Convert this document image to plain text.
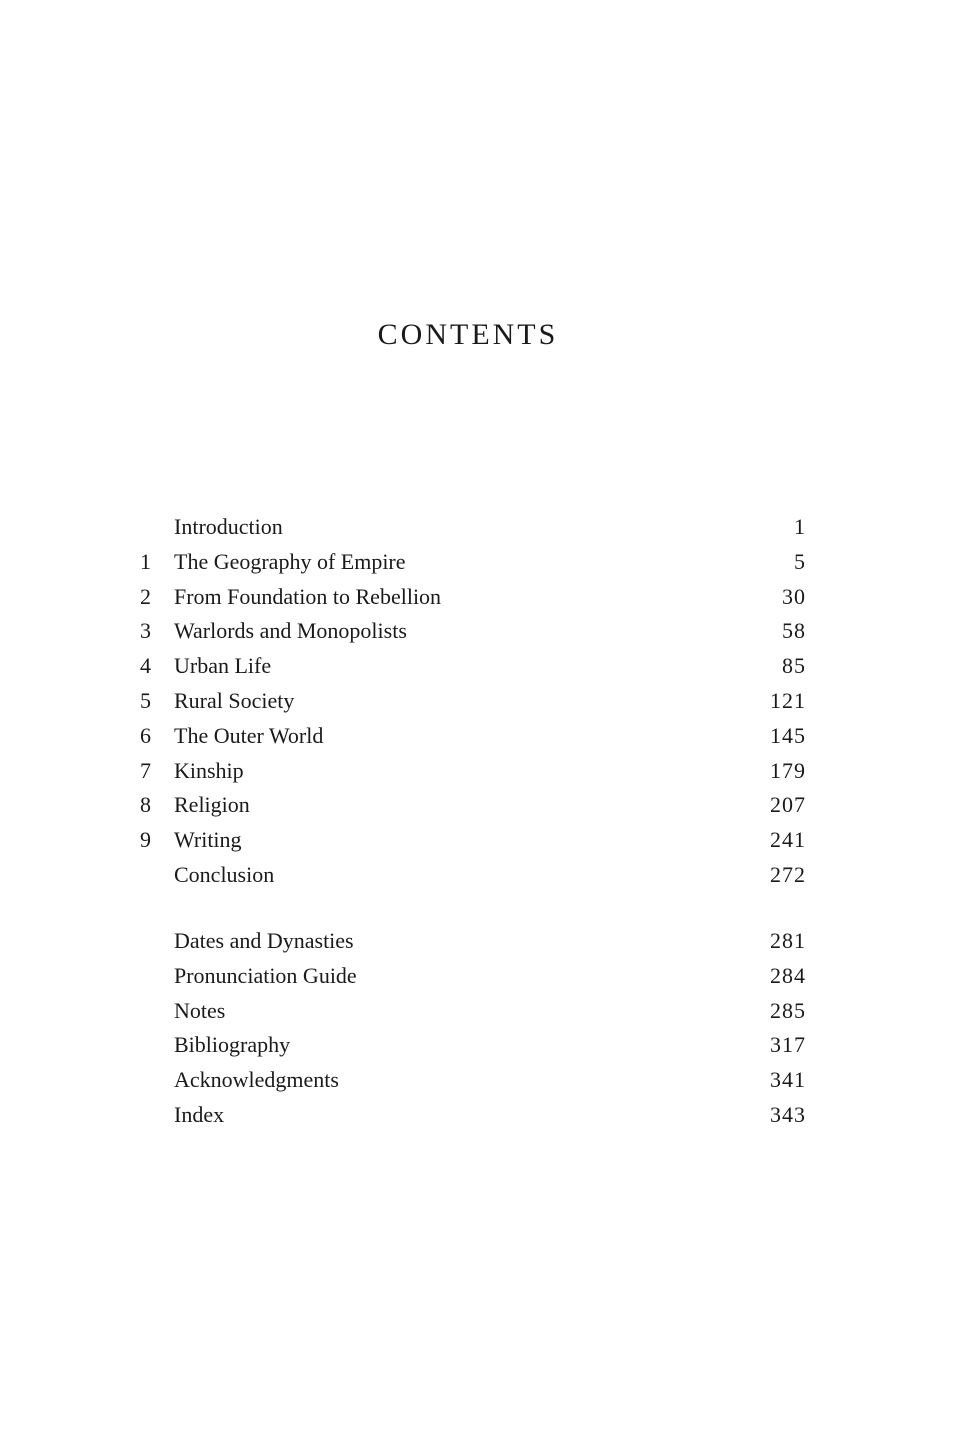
CONTENTS
Introduction	1
1	The Geography of Empire	5
2	From Foundation to Rebellion	30
3	Warlords and Monopolists	58
4	Urban Life	85
5	Rural Society	121
6	The Outer World	145
7	Kinship	179
8	Religion	207
9	Writing	241
Conclusion	272
Dates and Dynasties	281
Pronunciation Guide	284
Notes	285
Bibliography	317
Acknowledgments	341
Index	343
